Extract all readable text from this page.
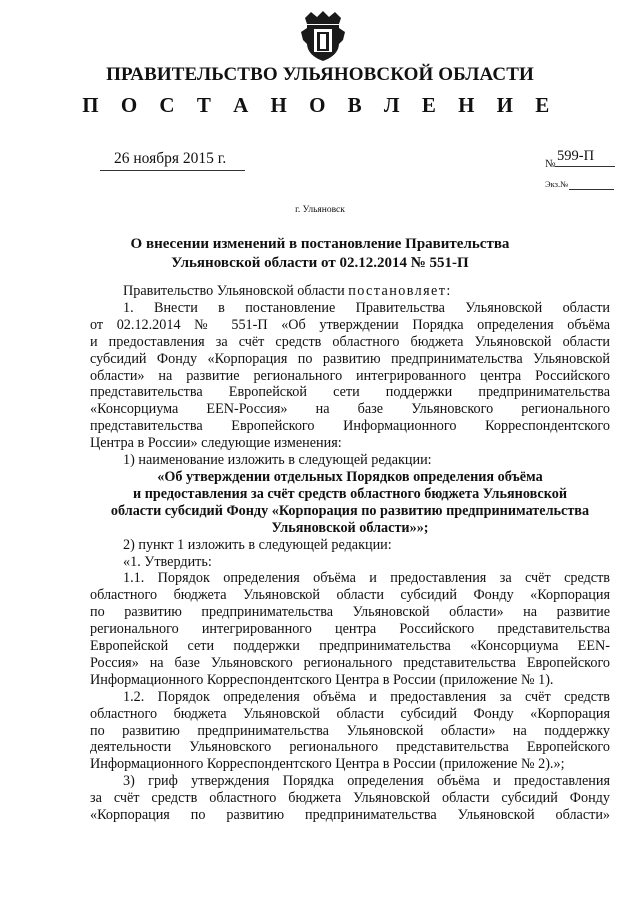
ПРАВИТЕЛЬСТВО УЛЬЯНОВСКОЙ ОБЛАСТИ
П О С Т А Н О В Л Е Н И Е
26 ноября 2015 г.	№ 599-П
Экз.№
г. Ульяновск
О внесении изменений в постановление Правительства
Ульяновской области от 02.12.2014 № 551-П

Правительство Ульяновской области постановляет:

1. Внести в постановление Правительства Ульяновской области

от 02.12.2014 № 551-П «Об утверждении Порядка определения объёма

и предоставления за счёт средств областного бюджета Ульяновской области

субсидий Фонду «Корпорация по развитию предпринимательства Ульяновской

области» на развитие регионального интегрированного центра Российского

представительства Европейской сети поддержки предпринимательства

«Консорциума EEN-Россия» на базе Ульяновского регионального

представительства Европейского Информационного Корреспондентского

Центра в России» следующие изменения:

1) наименование изложить в следующей редакции:

«Об утверждении отдельных Порядков определения объёма

и предоставления за счёт средств областного бюджета Ульяновской

области субсидий Фонду «Корпорация по развитию предпринимательства

Ульяновской области»»;

2) пункт 1 изложить в следующей редакции:

«1. Утвердить:

1.1. Порядок определения объёма и предоставления за счёт средств

областного бюджета Ульяновской области субсидий Фонду «Корпорация

по развитию предпринимательства Ульяновской области» на развитие

регионального интегрированного центра Российского представительства

Европейской сети поддержки предпринимательства «Консорциума EEN-

Россия» на базе Ульяновского регионального представительства Европейского

Информационного Корреспондентского Центра в России (приложение № 1).

1.2. Порядок определения объёма и предоставления за счёт средств

областного бюджета Ульяновской области субсидий Фонду «Корпорация

по развитию предпринимательства Ульяновской области» на поддержку

деятельности Ульяновского регионального представительства Европейского

Информационного Корреспондентского Центра в России (приложение № 2).»;

3) гриф утверждения Порядка определения объёма и предоставления

за счёт средств областного бюджета Ульяновской области субсидий Фонду

«Корпорация по развитию предпринимательства Ульяновской области»
